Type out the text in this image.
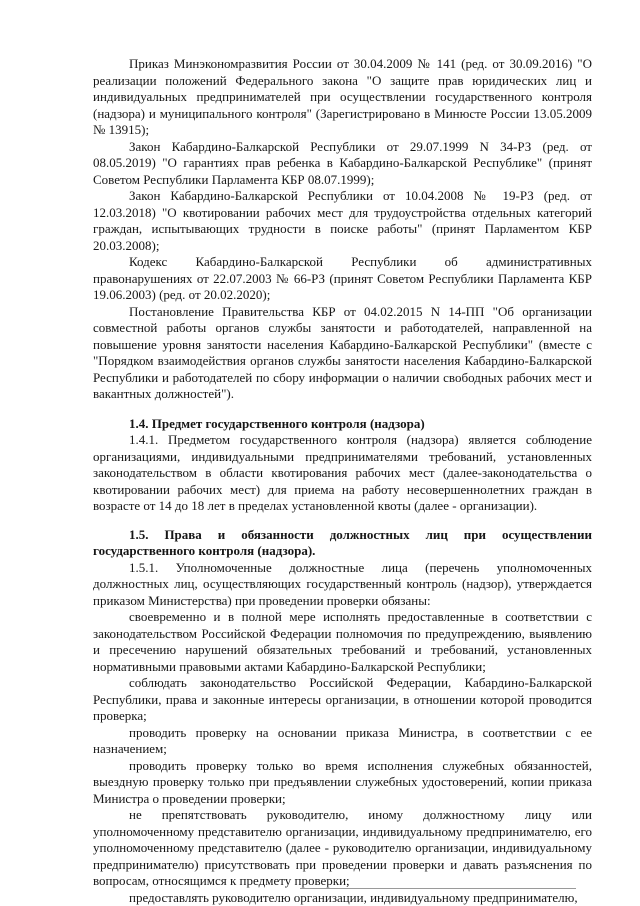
Приказ Минэкономразвития России от 30.04.2009 № 141 (ред. от 30.09.2016) "О реализации положений Федерального закона "О защите прав юридических лиц и индивидуальных предпринимателей при осуществлении государственного контроля (надзора) и муниципального контроля" (Зарегистрировано в Минюсте России 13.05.2009 № 13915);

Закон Кабардино-Балкарской Республики от 29.07.1999 N 34-РЗ (ред. от 08.05.2019) "О гарантиях прав ребенка в Кабардино-Балкарской Республике" (принят Советом Республики Парламента КБР 08.07.1999);

Закон Кабардино-Балкарской Республики от 10.04.2008 № 19-РЗ (ред. от 12.03.2018) "О квотировании рабочих мест для трудоустройства отдельных категорий граждан, испытывающих трудности в поиске работы" (принят Парламентом КБР 20.03.2008);

Кодекс Кабардино-Балкарской Республики об административных правонарушениях от 22.07.2003 № 66-РЗ (принят Советом Республики Парламента КБР 19.06.2003) (ред. от 20.02.2020);

Постановление Правительства КБР от 04.02.2015 N 14-ПП "Об организации совместной работы органов службы занятости и работодателей, направленной на повышение уровня занятости населения Кабардино-Балкарской Республики" (вместе с "Порядком взаимодействия органов службы занятости населения Кабардино-Балкарской Республики и работодателей по сбору информации о наличии свободных рабочих мест и вакантных должностей").

1.4. Предмет государственного контроля (надзора)

1.4.1. Предметом государственного контроля (надзора) является соблюдение организациями, индивидуальными предпринимателями требований, установленных законодательством в области квотирования рабочих мест (далее-законодательства о квотировании рабочих мест) для приема на работу несовершеннолетних граждан в возрасте от 14 до 18 лет в пределах установленной квоты (далее - организации).

1.5. Права и обязанности должностных лиц при осуществлении государственного контроля (надзора).

1.5.1. Уполномоченные должностные лица (перечень уполномоченных должностных лиц, осуществляющих государственный контроль (надзор), утверждается приказом Министерства) при проведении проверки обязаны:

своевременно и в полной мере исполнять предоставленные в соответствии с законодательством Российской Федерации полномочия по предупреждению, выявлению и пресечению нарушений обязательных требований и требований, установленных нормативными правовыми актами Кабардино-Балкарской Республики;

соблюдать законодательство Российской Федерации, Кабардино-Балкарской Республики, права и законные интересы организации, в отношении которой проводится проверка;

проводить проверку на основании приказа Министра, в соответствии с ее назначением;

проводить проверку только во время исполнения служебных обязанностей, выездную проверку только при предъявлении служебных удостоверений, копии приказа Министра о проведении проверки;

не препятствовать руководителю, иному должностному лицу или уполномоченному представителю организации, индивидуальному предпринимателю, его уполномоченному представителю (далее - руководителю организации, индивидуальному предпринимателю) присутствовать при проведении проверки и давать разъяснения по вопросам, относящимся к предмету проверки;

предоставлять руководителю организации, индивидуальному предпринимателю,
